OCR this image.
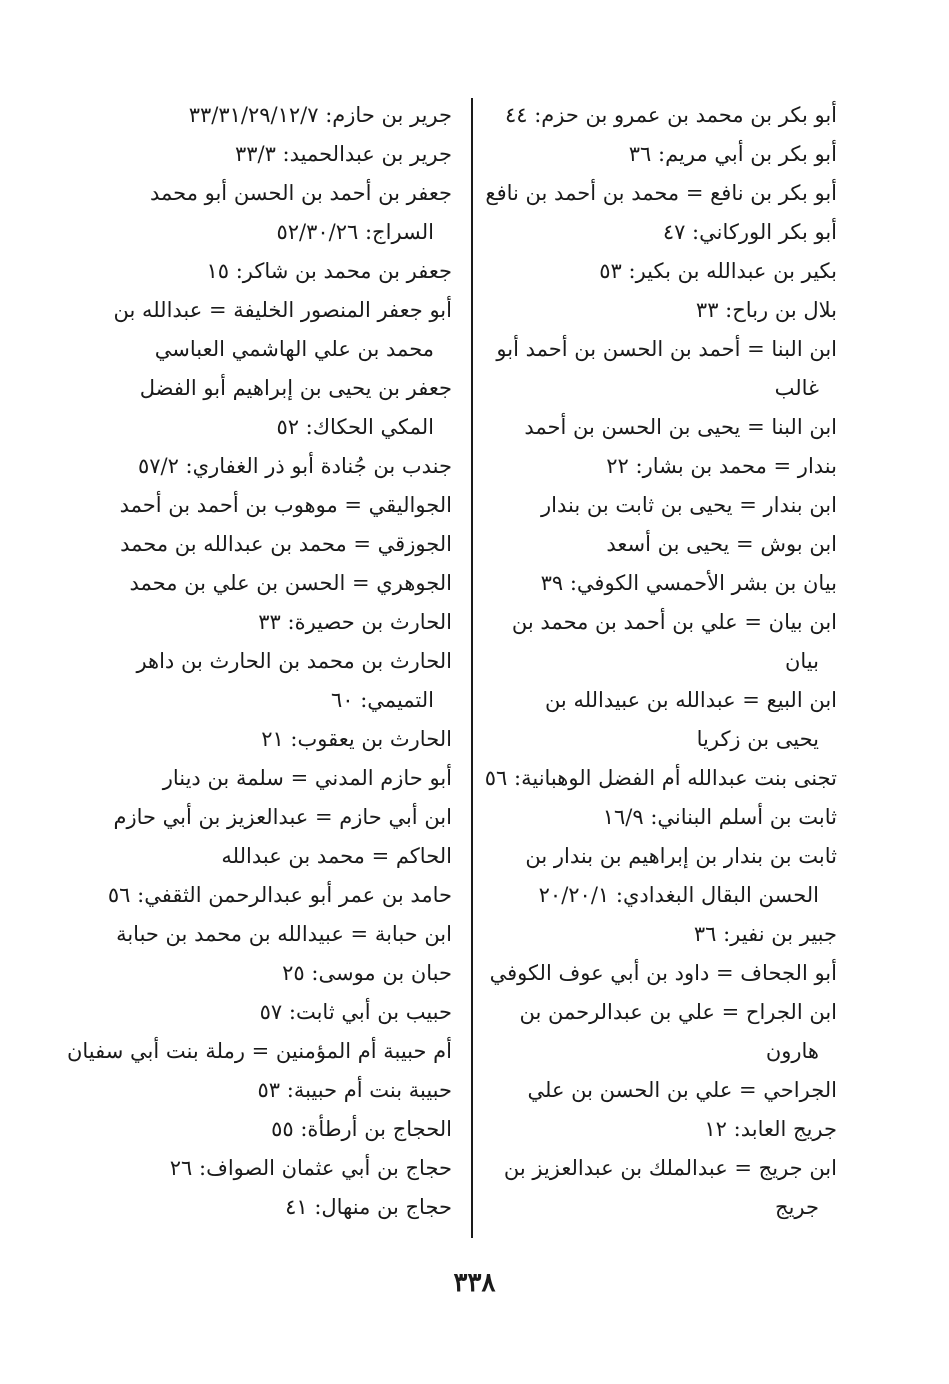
أبو بكر بن محمد بن عمرو بن حزم: ٤٤
أبو بكر بن أبي مريم: ٣٦
أبو بكر بن نافع = محمد بن أحمد بن نافع
أبو بكر الوركاني: ٤٧
بكير بن عبدالله بن بكير: ٥٣
بلال بن رباح: ٣٣
ابن البنا = أحمد بن الحسن بن أحمد أبو
غالب
ابن البنا = يحيى بن الحسن بن أحمد
بندار = محمد بن بشار: ٢٢
ابن بندار = يحيى بن ثابت بن بندار
ابن بوش = يحيى بن أسعد
بيان بن بشر الأحمسي الكوفي: ٣٩
ابن بيان = علي بن أحمد بن محمد بن
بيان
ابن البيع = عبدالله بن عبيدالله بن
يحيى بن زكريا
تجنى بنت عبدالله أم الفضل الوهبانية: ٥٦
ثابت بن أسلم البناني: ١٦/٩
ثابت بن بندار بن إبراهيم بن بندار بن
الحسن البقال البغدادي: ٢٠/٢٠/١
جبير بن نفير: ٣٦
أبو الجحاف = داود بن أبي عوف الكوفي
ابن الجراح = علي بن عبدالرحمن بن
هارون
الجراحي = علي بن الحسن بن علي
جريج العابد: ١٢
ابن جريج = عبدالملك بن عبدالعزيز بن
جريج
جرير بن حازم: ٣٣/٣١/٢٩/١٢/٧
جرير بن عبدالحميد: ٣٣/٣
جعفر بن أحمد بن الحسن أبو محمد
السراج: ٥٢/٣٠/٢٦
جعفر بن محمد بن شاكر: ١٥
أبو جعفر المنصور الخليفة = عبدالله بن
محمد بن علي الهاشمي العباسي
جعفر بن يحيى بن إبراهيم أبو الفضل
المكي الحكاك: ٥٢
جندب بن جُنادة أبو ذر الغفاري: ٥٧/٢
الجواليقي = موهوب بن أحمد بن أحمد
الجوزقي = محمد بن عبدالله بن محمد
الجوهري = الحسن بن علي بن محمد
الحارث بن حصيرة: ٣٣
الحارث بن محمد بن الحارث بن داهر
التميمي: ٦٠
الحارث بن يعقوب: ٢١
أبو حازم المدني = سلمة بن دينار
ابن أبي حازم = عبدالعزيز بن أبي حازم
الحاكم = محمد بن عبدالله
حامد بن عمر أبو عبدالرحمن الثقفي: ٥٦
ابن حبابة = عبيدالله بن محمد بن حبابة
حبان بن موسى: ٢٥
حبيب بن أبي ثابت: ٥٧
أم حبيبة أم المؤمنين = رملة بنت أبي سفيان
حبيبة بنت أم حبيبة: ٥٣
الحجاج بن أرطأة: ٥٥
حجاج بن أبي عثمان الصواف: ٢٦
حجاج بن منهال: ٤١
٣٣٨
